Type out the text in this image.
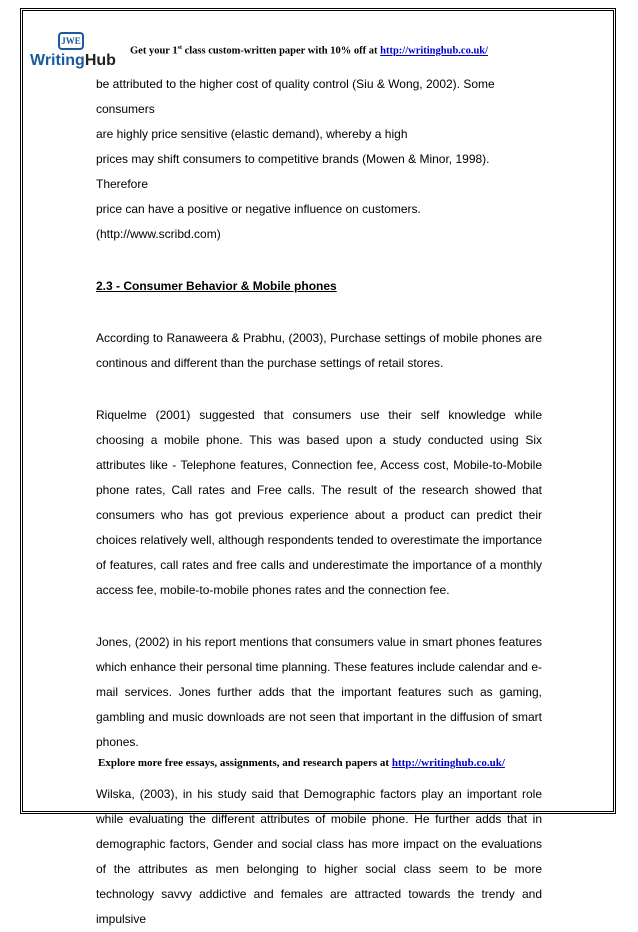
JWE
WritingHub
Get your 1st class custom-written paper with 10% off at http://writinghub.co.uk/

be attributed to the higher cost of quality control (Siu & Wong, 2002). Some consumers

are highly price sensitive (elastic demand), whereby a high

prices may shift consumers to competitive brands (Mowen & Minor, 1998). Therefore

price can have a positive or negative influence on customers. (http://www.scribd.com)

2.3 - Consumer Behavior & Mobile phones

According to Ranaweera & Prabhu, (2003), Purchase settings of mobile phones are continous and different than the purchase settings of retail stores.

Riquelme (2001) suggested that consumers use their self knowledge while choosing a mobile phone. This was based upon a study conducted using Six attributes like - Telephone features, Connection fee, Access cost, Mobile-to-Mobile phone rates, Call rates and Free calls. The result of the research showed that consumers who has got previous experience about a product can predict their choices relatively well, although respondents tended to overestimate the importance of features, call rates and free calls and underestimate the importance of a monthly access fee, mobile-to-mobile phones rates and the connection fee.

Jones, (2002) in his report mentions that consumers value in smart phones features which enhance their personal time planning. These features include calendar and e-mail services. Jones further adds that the important features such as gaming, gambling and music downloads are not seen that important in the diffusion of smart phones.

Wilska, (2003), in his study said that Demographic factors play an important role while evaluating the different attributes of mobile phone. He further adds that in demographic factors, Gender and social class has more impact on the evaluations of the attributes as men belonging to higher social class seem to be more technology savvy addictive and females are attracted towards the trendy and impulsive

Explore more free essays, assignments, and research papers at http://writinghub.co.uk/
